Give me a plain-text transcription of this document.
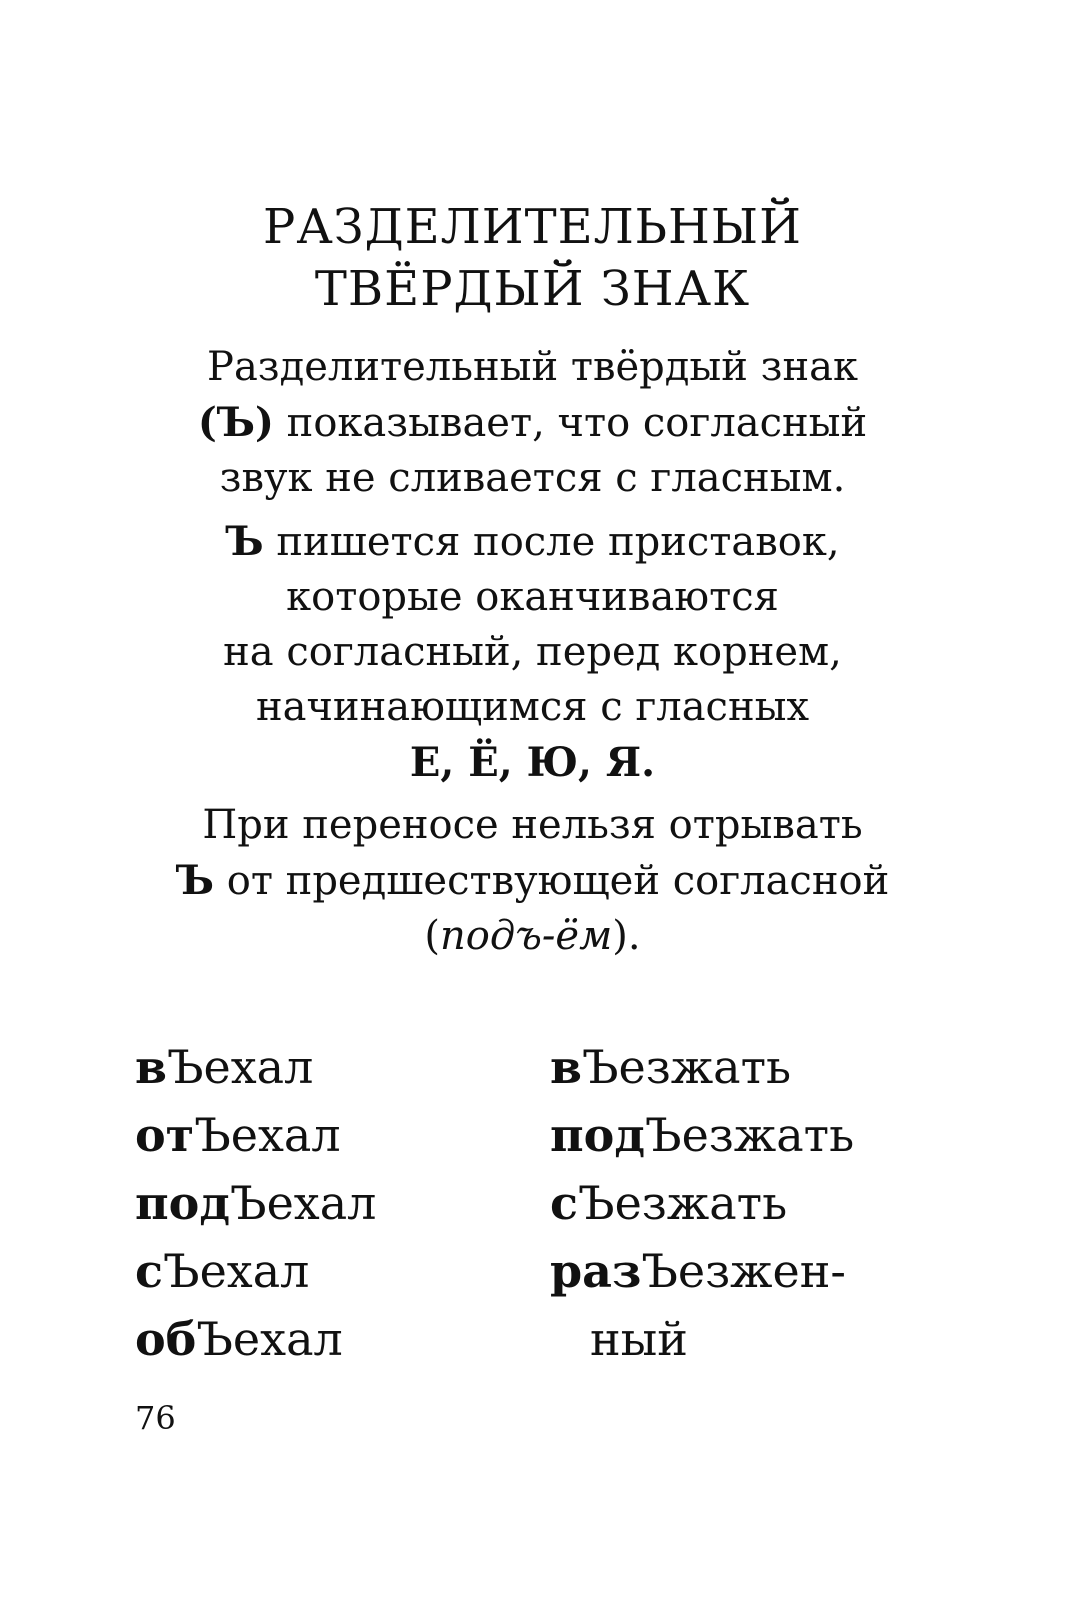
РАЗДЕЛИТЕЛЬНЫЙ
ТВЁРДЫЙ ЗНАК
Разделительный твёрдый знак
(Ъ) показывает, что согласный
звук не сливается с гласным.
Ъ пишется после приставок,
которые оканчиваются
на согласный, перед корнем,
начинающимся с гласных
Е, Ё, Ю, Я.
При переносе нельзя отрывать
Ъ от предшествующей согласной
(подъ-ём).
вЪехал
отЪехал
подЪехал
сЪехал
обЪехал
вЪезжать
подЪезжать
сЪезжать
разЪезжен-
ный
76
